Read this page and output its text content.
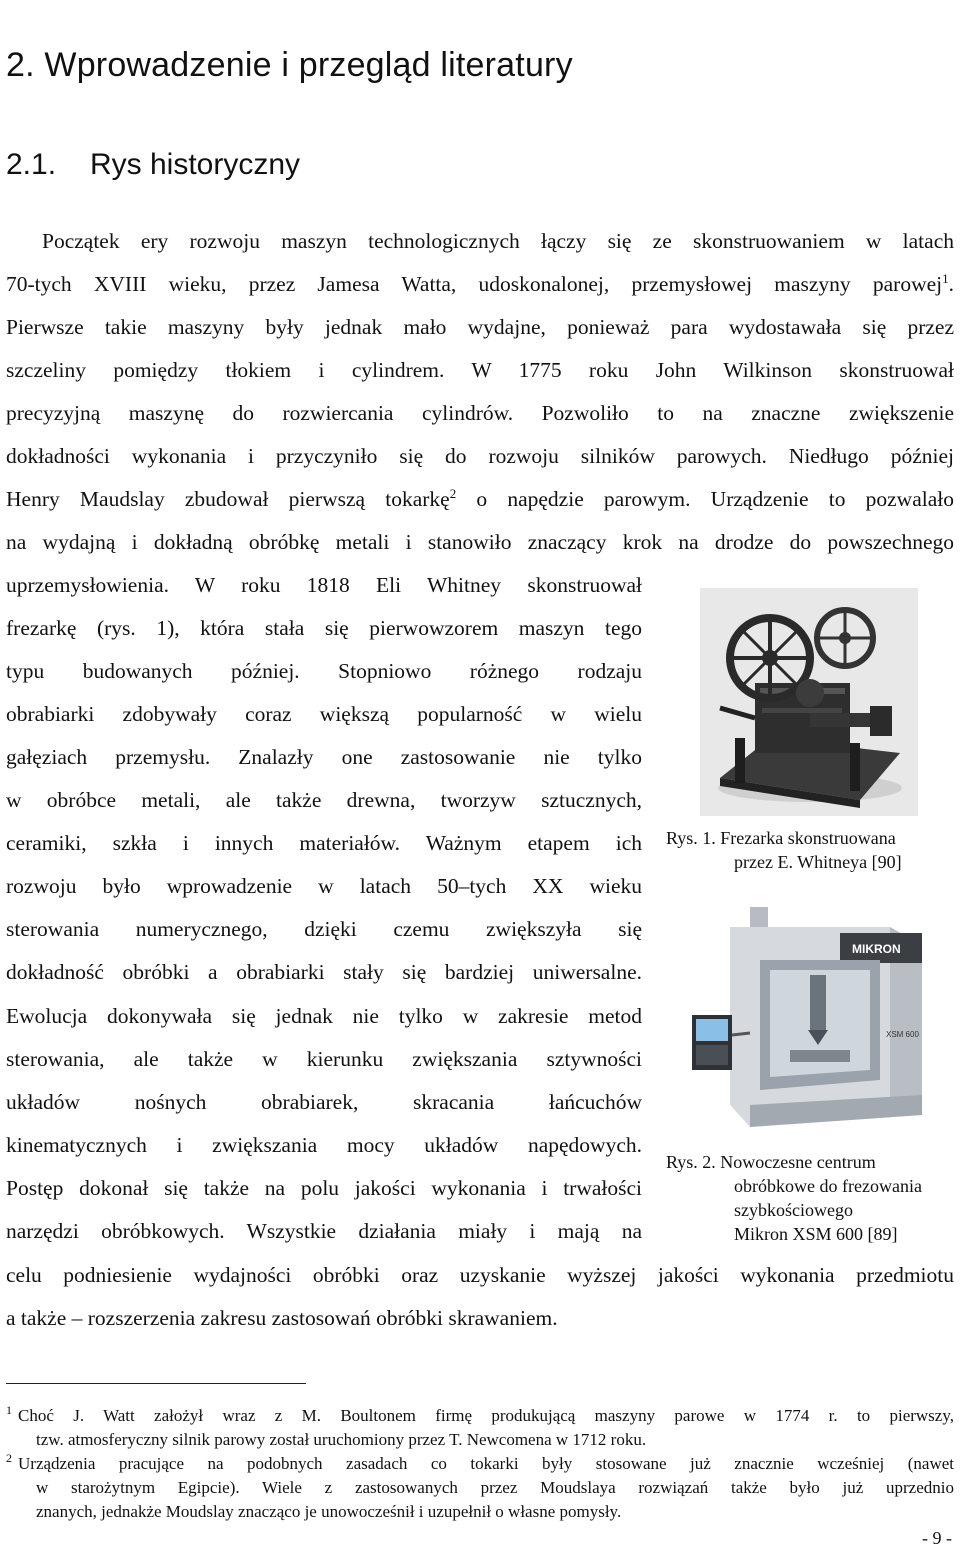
2. Wprowadzenie i przegląd literatury
2.1. Rys historyczny

Początek ery rozwoju maszyn technologicznych łączy się ze skonstruowaniem w latach

70-tych XVIII wieku, przez Jamesa Watta, udoskonalonej, przemysłowej maszyny parowej$^1$.

Pierwsze takie maszyny były jednak mało wydajne, ponieważ para wydostawała się przez

szczeliny pomiędzy tłokiem i cylindrem. W 1775 roku John Wilkinson skonstruował

precyzyjną maszynę do rozwiercania cylindrów. Pozwoliło to na znaczne zwiększenie

dokładności wykonania i przyczyniło się do rozwoju silników parowych. Niedługo później

Henry Maudslay zbudował pierwszą tokarkę$^2$ o napędzie parowym. Urządzenie to pozwalało

na wydajną i dokładną obróbkę metali i stanowiło znaczący krok na drodze do powszechnego

uprzemysłowienia. W roku 1818 Eli Whitney skonstruował

frezarkę (rys. 1), która stała się pierwowzorem maszyn tego

typu budowanych później. Stopniowo różnego rodzaju

obrabiarki zdobywały coraz większą popularność w wielu

gałęziach przemysłu. Znalazły one zastosowanie nie tylko

w obróbce metali, ale także drewna, tworzyw sztucznych,

ceramiki, szkła i innych materiałów. Ważnym etapem ich

rozwoju było wprowadzenie w latach 50–tych XX wieku

sterowania numerycznego, dzięki czemu zwiększyła się

dokładność obróbki a obrabiarki stały się bardziej uniwersalne.

Ewolucja dokonywała się jednak nie tylko w zakresie metod

sterowania, ale także w kierunku zwiększania sztywności

układów nośnych obrabiarek, skracania łańcuchów

kinematycznych i zwiększania mocy układów napędowych.

Postęp dokonał się także na polu jakości wykonania i trwałości

narzędzi obróbkowych. Wszystkie działania miały i mają na

celu podniesienie wydajności obróbki oraz uzyskanie wyższej jakości wykonania przedmiotu

a także – rozszerzenia zakresu zastosowań obróbki skrawaniem.

Rys. 1. Frezarka skonstruowana

przez E. Whitneya [90]

MIKRON
XSM 600

Rys. 2. Nowoczesne centrum

obróbkowe do frezowania

szybkościowego

Mikron XSM 600 [89]

$^1$ Choć J. Watt założył wraz z M. Boultonem firmę produkującą maszyny parowe w 1774 r. to pierwszy,

tzw. atmosferyczny silnik parowy został uruchomiony przez T. Newcomena w 1712 roku.

$^2$ Urządzenia pracujące na podobnych zasadach co tokarki były stosowane już znacznie wcześniej (nawet

w starożytnym Egipcie). Wiele z zastosowanych przez Moudslaya rozwiązań także było już uprzednio

znanych, jednakże Moudslay znacząco je unowocześnił i uzupełnił o własne pomysły.

- 9 -
